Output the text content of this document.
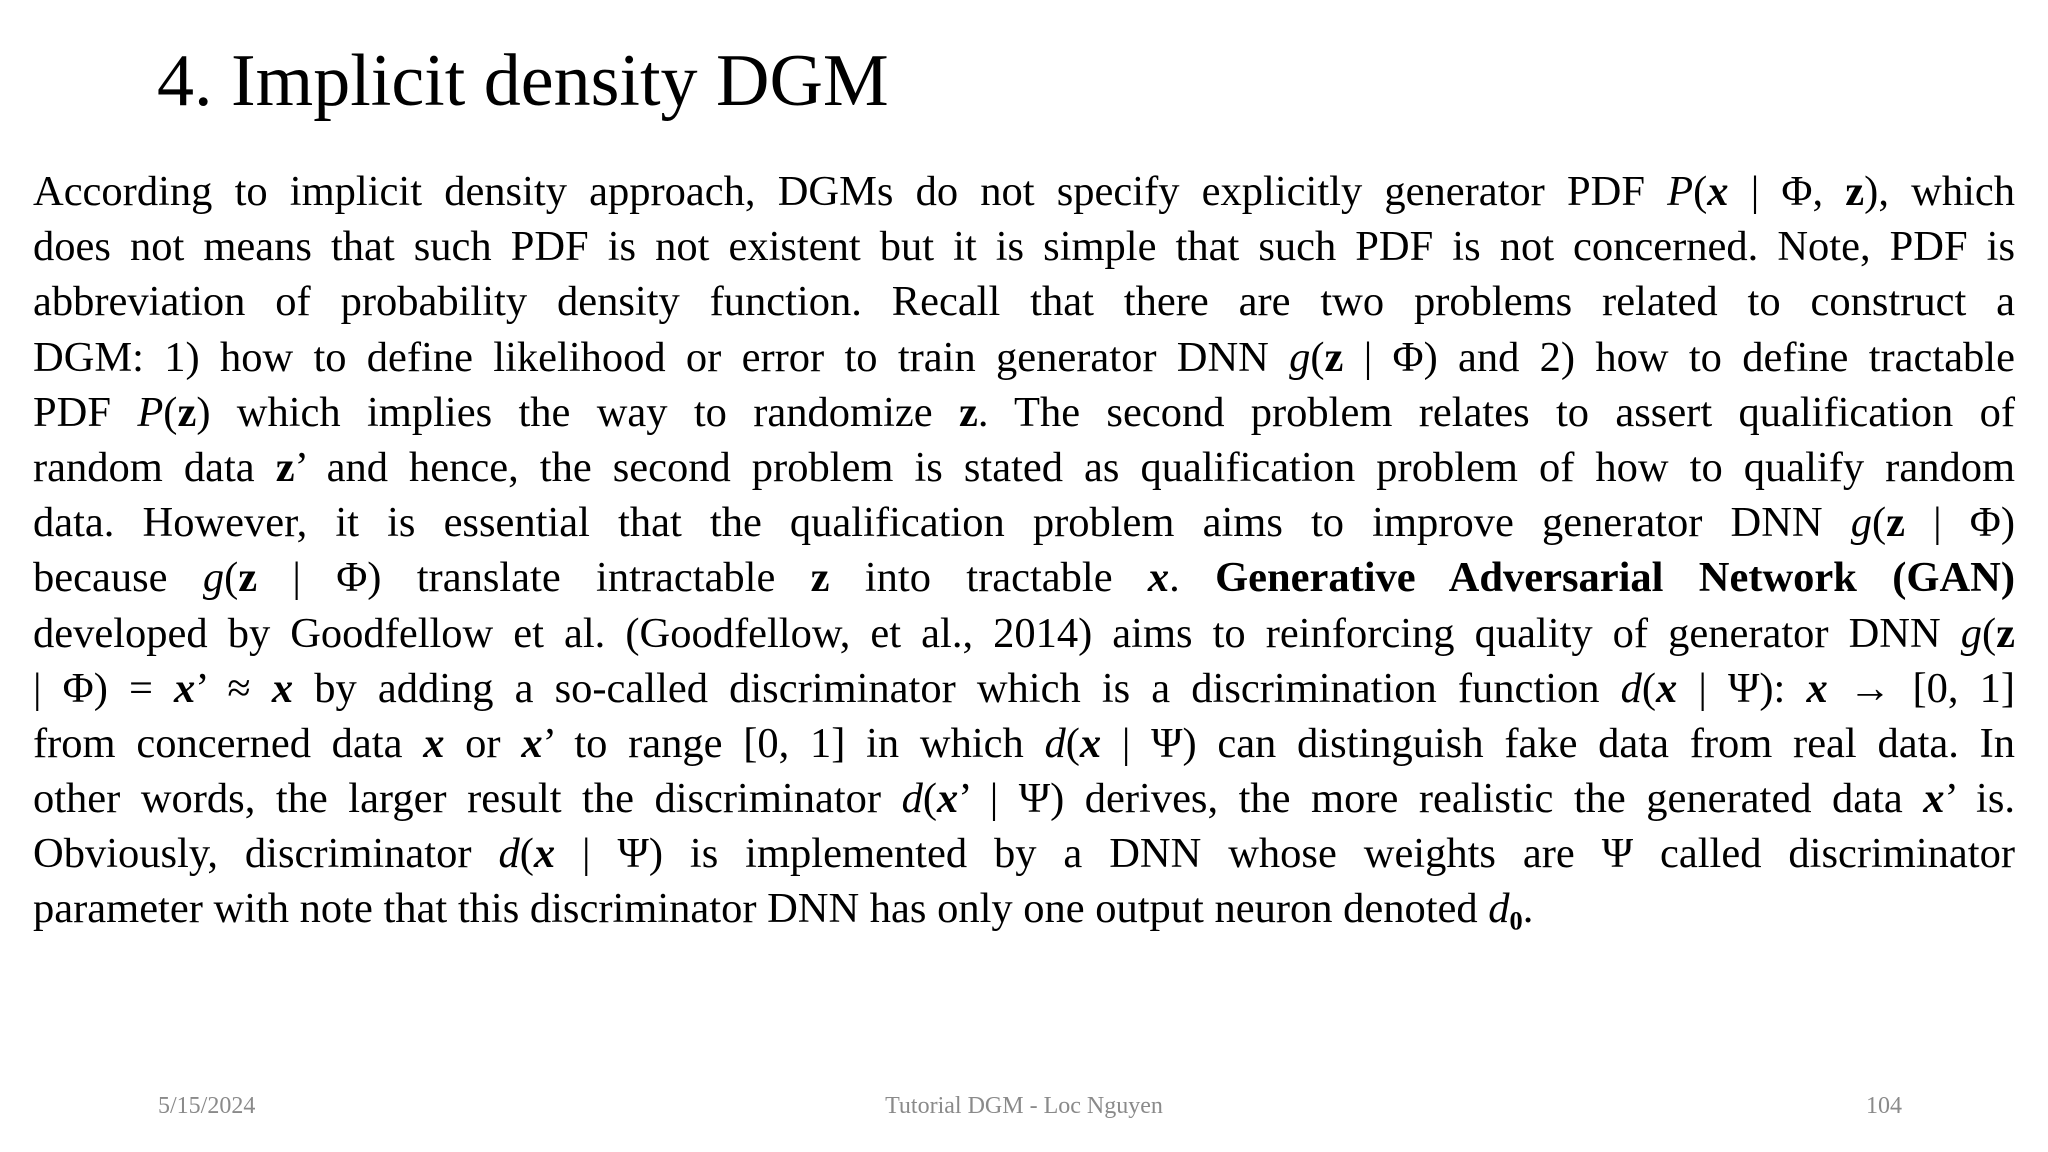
4. Implicit density DGM
According to implicit density approach, DGMs do not specify explicitly generator PDF P(x | Φ, z), which
does not means that such PDF is not existent but it is simple that such PDF is not concerned. Note, PDF is
abbreviation of probability density function. Recall that there are two problems related to construct a
DGM: 1) how to define likelihood or error to train generator DNN g(z | Φ) and 2) how to define tractable
PDF P(z) which implies the way to randomize z. The second problem relates to assert qualification of
random data z’ and hence, the second problem is stated as qualification problem of how to qualify random
data. However, it is essential that the qualification problem aims to improve generator DNN g(z | Φ)
because g(z | Φ) translate intractable z into tractable x. Generative Adversarial Network (GAN)
developed by Goodfellow et al. (Goodfellow, et al., 2014) aims to reinforcing quality of generator DNN g(z
| Φ) = x’ ≈ x by adding a so-called discriminator which is a discrimination function d(x | Ψ): x → [0, 1]
from concerned data x or x’ to range [0, 1] in which d(x | Ψ) can distinguish fake data from real data. In
other words, the larger result the discriminator d(x’ | Ψ) derives, the more realistic the generated data x’ is.
Obviously, discriminator d(x | Ψ) is implemented by a DNN whose weights are Ψ called discriminator
parameter with note that this discriminator DNN has only one output neuron denoted $d_0$.
5/15/2024	Tutorial DGM - Loc Nguyen	104
